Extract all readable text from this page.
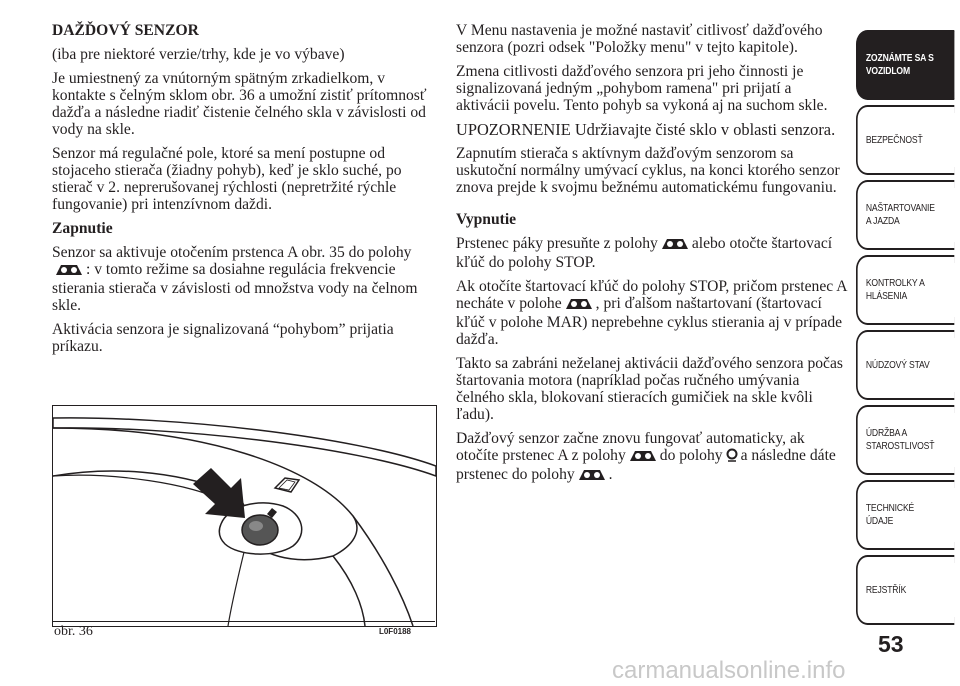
DAŽĎOVÝ SENZOR

(iba pre niektoré verzie/trhy, kde je vo výbave)

Je umiestnený za vnútorným spätným zrkadielkom, v kontakte s čelným sklom obr. 36 a umožní zistiť prítomnosť dažďa a následne riadiť čistenie čelného skla v závislosti od vody na skle.

Senzor má regulačné pole, ktoré sa mení postupne od stojaceho stierača (žiadny pohyb), keď je sklo suché, po stierač v 2. neprerušovanej rýchlosti (nepretržité rýchle fungovanie) pri intenzívnom daždi.

Zapnutie

Senzor sa aktivuje otočením prstenca A obr. 35 do polohy: v tomto režime sa dosiahne regulácia frekvencie stierania stierača v závislosti od množstva vody na čelnom skle.

Aktivácia senzora je signalizovaná “pohybom” prijatia príkazu.

obr. 36	L0F0188

V Menu nastavenia je možné nastaviť citlivosť dažďového senzora (pozri odsek "Položky menu" v tejto kapitole).

Zmena citlivosti dažďového senzora pri jeho činnosti je signalizovaná jedným „pohybom ramena" pri prijatí a aktivácii povelu. Tento pohyb sa vykoná aj na suchom skle.

UPOZORNENIE Udržiavajte čisté sklo v oblasti senzora.

Zapnutím stierača s aktívnym dažďovým senzorom sa uskutoční normálny umývací cyklus, na konci ktorého senzor znova prejde k svojmu bežnému automatickému fungovaniu.

Vypnutie

Prstenec páky presuňte z polohy alebo otočte štartovací kľúč do polohy STOP.

Ak otočíte štartovací kľúč do polohy STOP, pričom prstenec A necháte v polohe , pri ďalšom naštartovaní (štartovací kľúč v polohe MAR) neprebehne cyklus stierania aj v prípade dažďa.

Takto sa zabráni neželanej aktivácii dažďového senzora počas štartovania motora (napríklad počas ručného umývania čelného skla, blokovaní stieracích gumičiek na skle kvôli ľadu).

Dažďový senzor začne znovu fungovať automaticky, ak otočíte prstenec A z polohy do polohy a následne dáte prstenec do polohy .

ZOZNÁMTE SA S
VOZIDLOM
BEZPEČNOSŤ
NAŠTARTOVANIE
A JAZDA
KONTROLKY A
HLÁSENIA
NÚDZOVÝ STAV
ÚDRŽBA A
STAROSTLIVOSŤ
TECHNICKÉ
ÚDAJE
REJSTŘÍK
53
carmanualsonline.info
